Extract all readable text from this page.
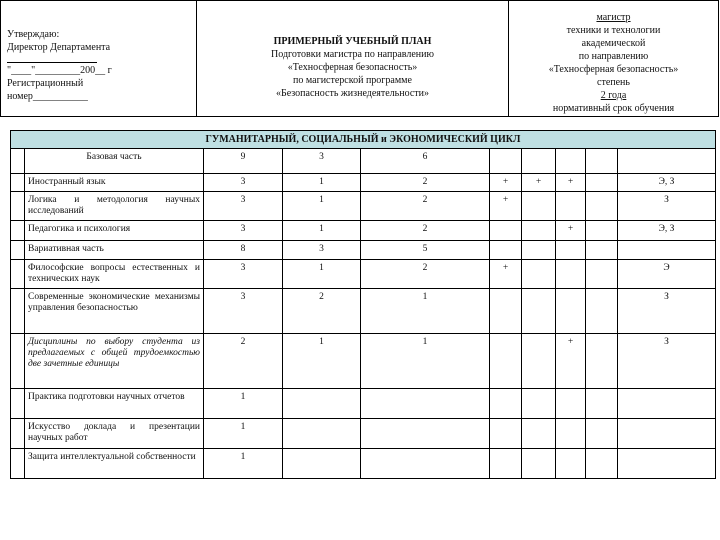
Утверждаю:
Директор Департамента
"____"_________200__ г
Регистрационный
номер___________
ПРИМЕРНЫЙ УЧЕБНЫЙ ПЛАН
Подготовки магистра по направлению
«Техносферная безопасность»
по магистерской программе
«Безопасность жизнедеятельности»
магистр
техники и технологии
академической
по направлению
«Техносферная безопасность»
степень
2 года
нормативный срок обучения
ГУМАНИТАРНЫЙ, СОЦИАЛЬНЫЙ и ЭКОНОМИЧЕСКИЙ ЦИКЛ									
	Базовая часть	9	3	6					
	Иностранный язык	3	1	2	+	+	+		Э, З
	Логика и методология научных исследований	3	1	2	+				З
	Педагогика и психология	3	1	2			+		Э, З
	Вариативная часть	8	3	5					
	Философские вопросы естественных и технических наук	3	1	2	+				Э
	Современные экономические механизмы управления безопасностью	3	2	1					З
	Дисциплины по выбору студента из предлагаемых с общей трудоемкостью две зачетные единицы	2	1	1			+		З
	Практика подготовки научных отчетов	1							
	Искусство доклада и презентации научных работ	1							
	Защита интеллектуальной собственности	1							
